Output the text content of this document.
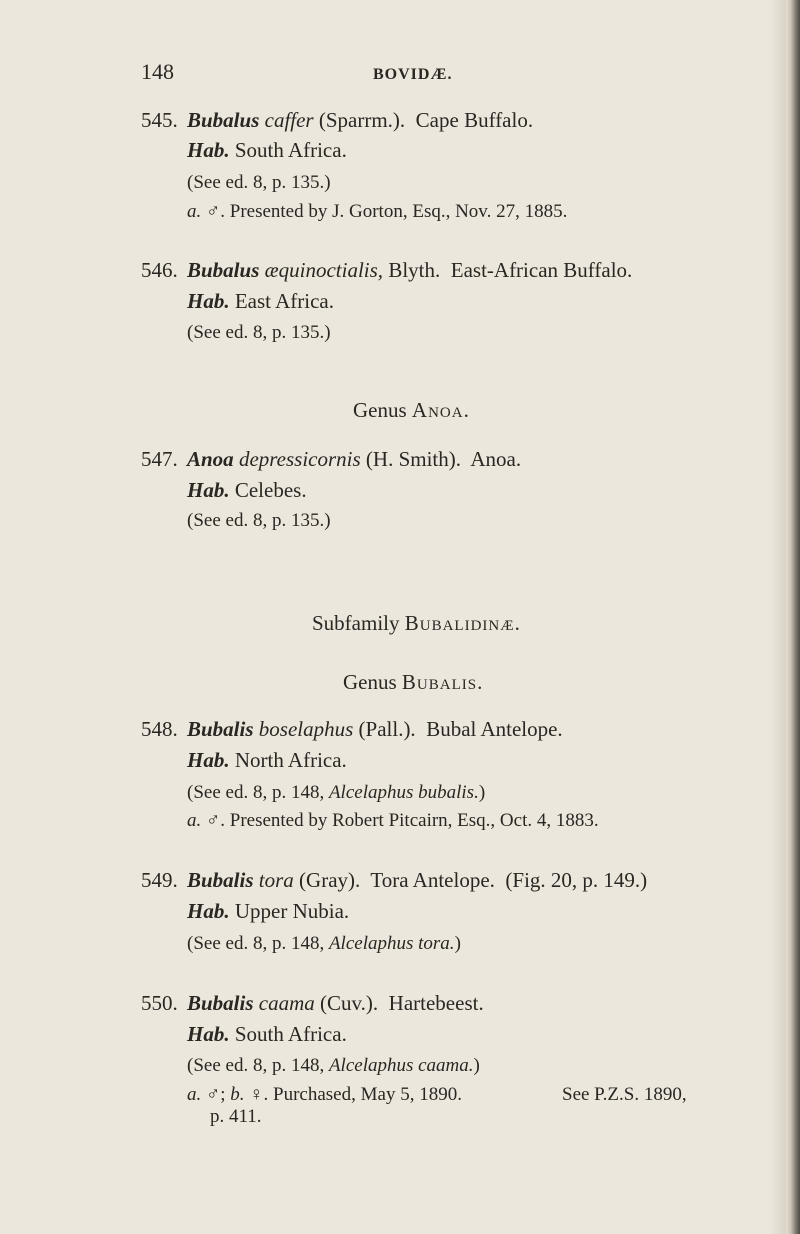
148	BOVIDÆ.
545. Bubalus caffer (Sparrm.). Cape Buffalo.
Hab. South Africa.
(See ed. 8, p. 135.)
a. ♂. Presented by J. Gorton, Esq., Nov. 27, 1885.
546. Bubalus æquinoctialis, Blyth. East-African Buffalo.
Hab. East Africa.
(See ed. 8, p. 135.)
Genus Anoa.
547. Anoa depressicornis (H. Smith). Anoa.
Hab. Celebes.
(See ed. 8, p. 135.)
Subfamily Bubalidinæ.
Genus Bubalis.
548. Bubalis boselaphus (Pall.). Bubal Antelope.
Hab. North Africa.
(See ed. 8, p. 148, Alcelaphus bubalis.)
a. ♂. Presented by Robert Pitcairn, Esq., Oct. 4, 1883.
549. Bubalis tora (Gray). Tora Antelope. (Fig. 20, p. 149.)
Hab. Upper Nubia.
(See ed. 8, p. 148, Alcelaphus tora.)
550. Bubalis caama (Cuv.). Hartebeest.
Hab. South Africa.
(See ed. 8, p. 148, Alcelaphus caama.)
a. ♂; b. ♀. Purchased, May 5, 1890.	See P.Z.S. 1890,
p. 411.
